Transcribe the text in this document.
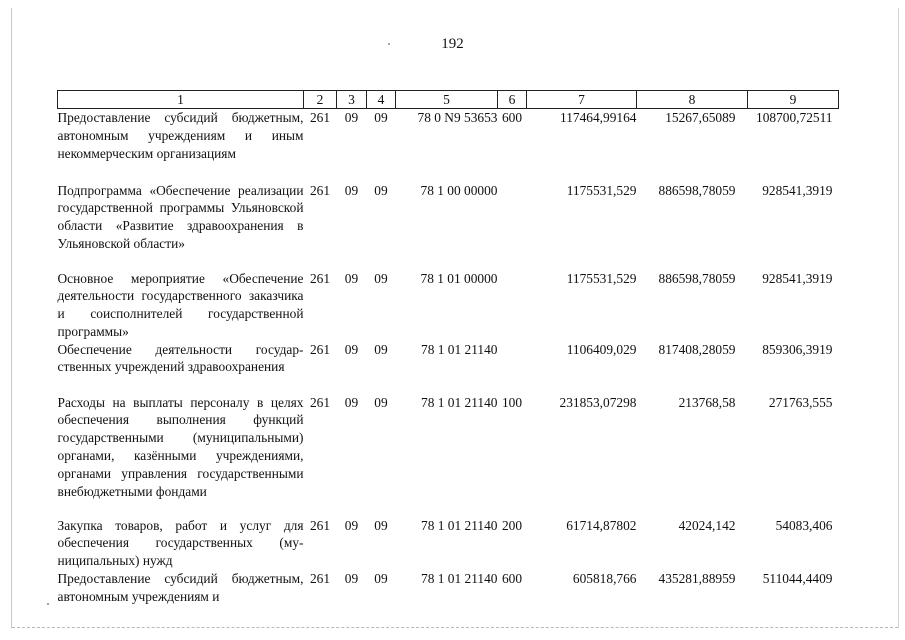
192
1	2	3	4	5	6	7	8	9
Предоставление субсидий бюджетным, автономным учреждениям и иным некоммерческим организациям	261	09	09	78 0 N9 53653	600	117464,99164	15267,65089	108700,72511
Подпрограмма «Обеспечение реализации государственной программы Ульяновской области «Развитие здравоохранения в Ульяновской области»	261	09	09	78 1 00 00000		1175531,529	886598,78059	928541,3919
Основное мероприятие «Обеспечение деятельности государственного заказчика и соисполнителей государственной программы»	261	09	09	78 1 01 00000		1175531,529	886598,78059	928541,3919
Обеспечение деятельности государственных учреждений здравоохранения	261	09	09	78 1 01 21140		1106409,029	817408,28059	859306,3919
Расходы на выплаты персоналу в целях обеспечения выполнения функций государственными (муниципальными) органами, казёнными учреждениями, органами управления государственными внебюджетными фондами	261	09	09	78 1 01 21140	100	231853,07298	213768,58	271763,555
Закупка товаров, работ и услуг для обеспечения государственных (муниципальных) нужд	261	09	09	78 1 01 21140	200	61714,87802	42024,142	54083,406
Предоставление субсидий бюджетным, автономным учреждениям и	261	09	09	78 1 01 21140	600	605818,766	435281,88959	511044,4409
